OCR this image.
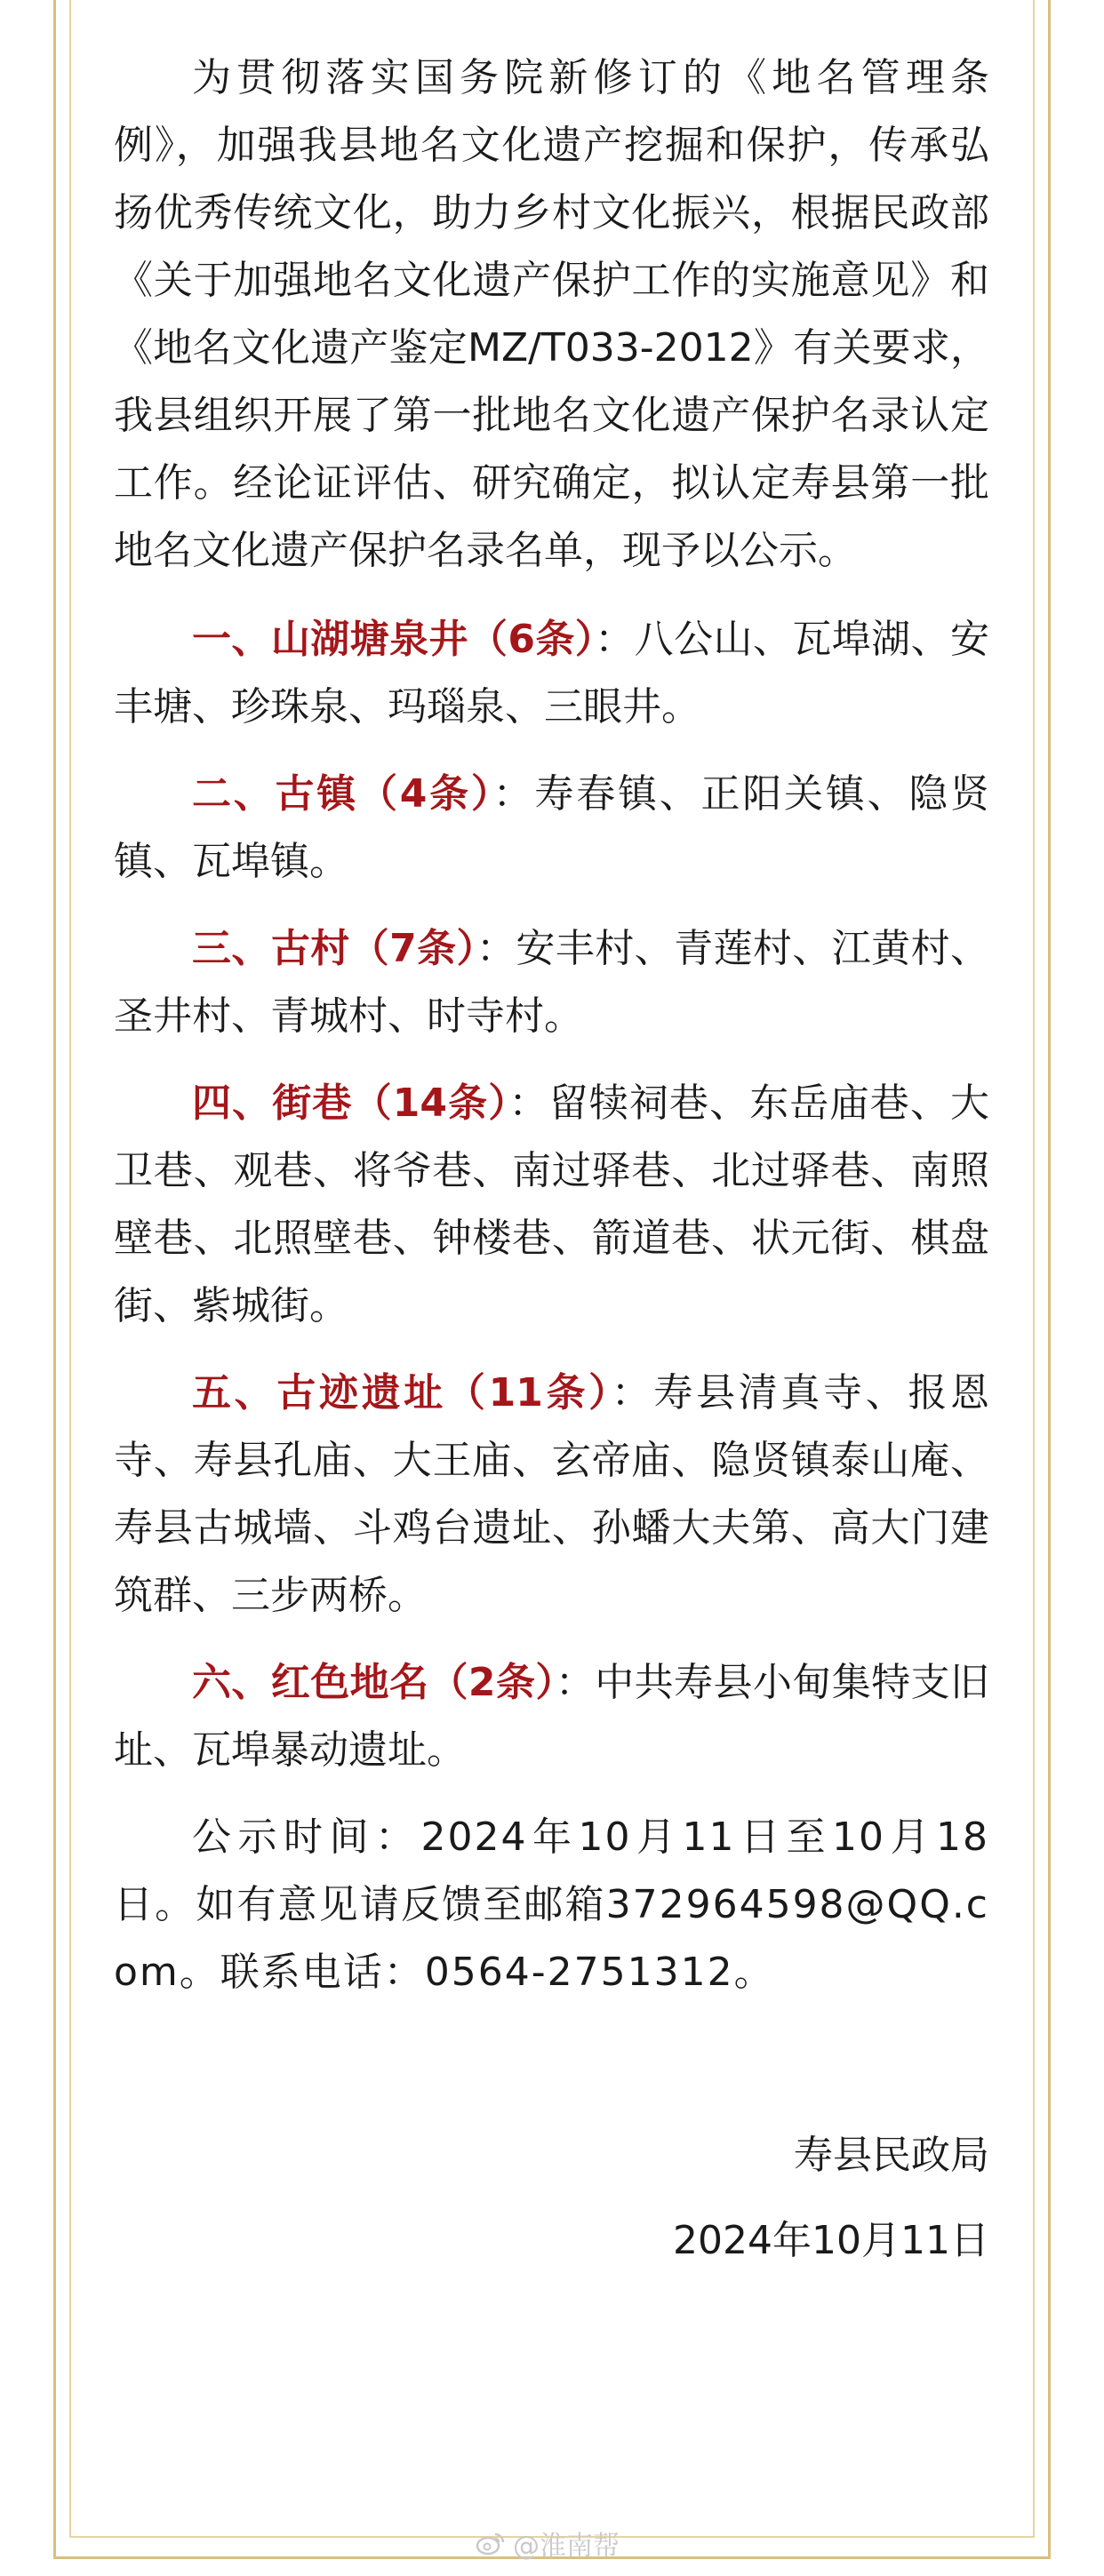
为贯彻落实国务院新修订的《地名管理条例》，加强我县地名文化遗产挖掘和保护，传承弘扬优秀传统文化，助力乡村文化振兴，根据民政部《关于加强地名文化遗产保护工作的实施意见》和《地名文化遗产鉴定MZ/T033-2012》有关要求，我县组织开展了第一批地名文化遗产保护名录认定工作。经论证评估、研究确定，拟认定寿县第一批地名文化遗产保护名录名单，现予以公示。

一、山湖塘泉井（6条）：八公山、瓦埠湖、安丰塘、珍珠泉、玛瑙泉、三眼井。

二、古镇（4条）：寿春镇、正阳关镇、隐贤镇、瓦埠镇。

三、古村（7条）：安丰村、青莲村、江黄村、圣井村、青城村、时寺村。

四、街巷（14条）：留犊祠巷、东岳庙巷、大卫巷、观巷、将爷巷、南过驿巷、北过驿巷、南照壁巷、北照壁巷、钟楼巷、箭道巷、状元街、棋盘街、紫城街。

五、古迹遗址（11条）：寿县清真寺、报恩寺、寿县孔庙、大王庙、玄帝庙、隐贤镇泰山庵、寿县古城墙、斗鸡台遗址、孙蟠大夫第、高大门建筑群、三步两桥。

六、红色地名（2条）：中共寿县小甸集特支旧址、瓦埠暴动遗址。

公示时间：2024年10月11日至10月18日。如有意见请反馈至邮箱372964598@QQ.com。联系电话：0564-2751312。

寿县民政局

2024年10月11日

@淮南帮
